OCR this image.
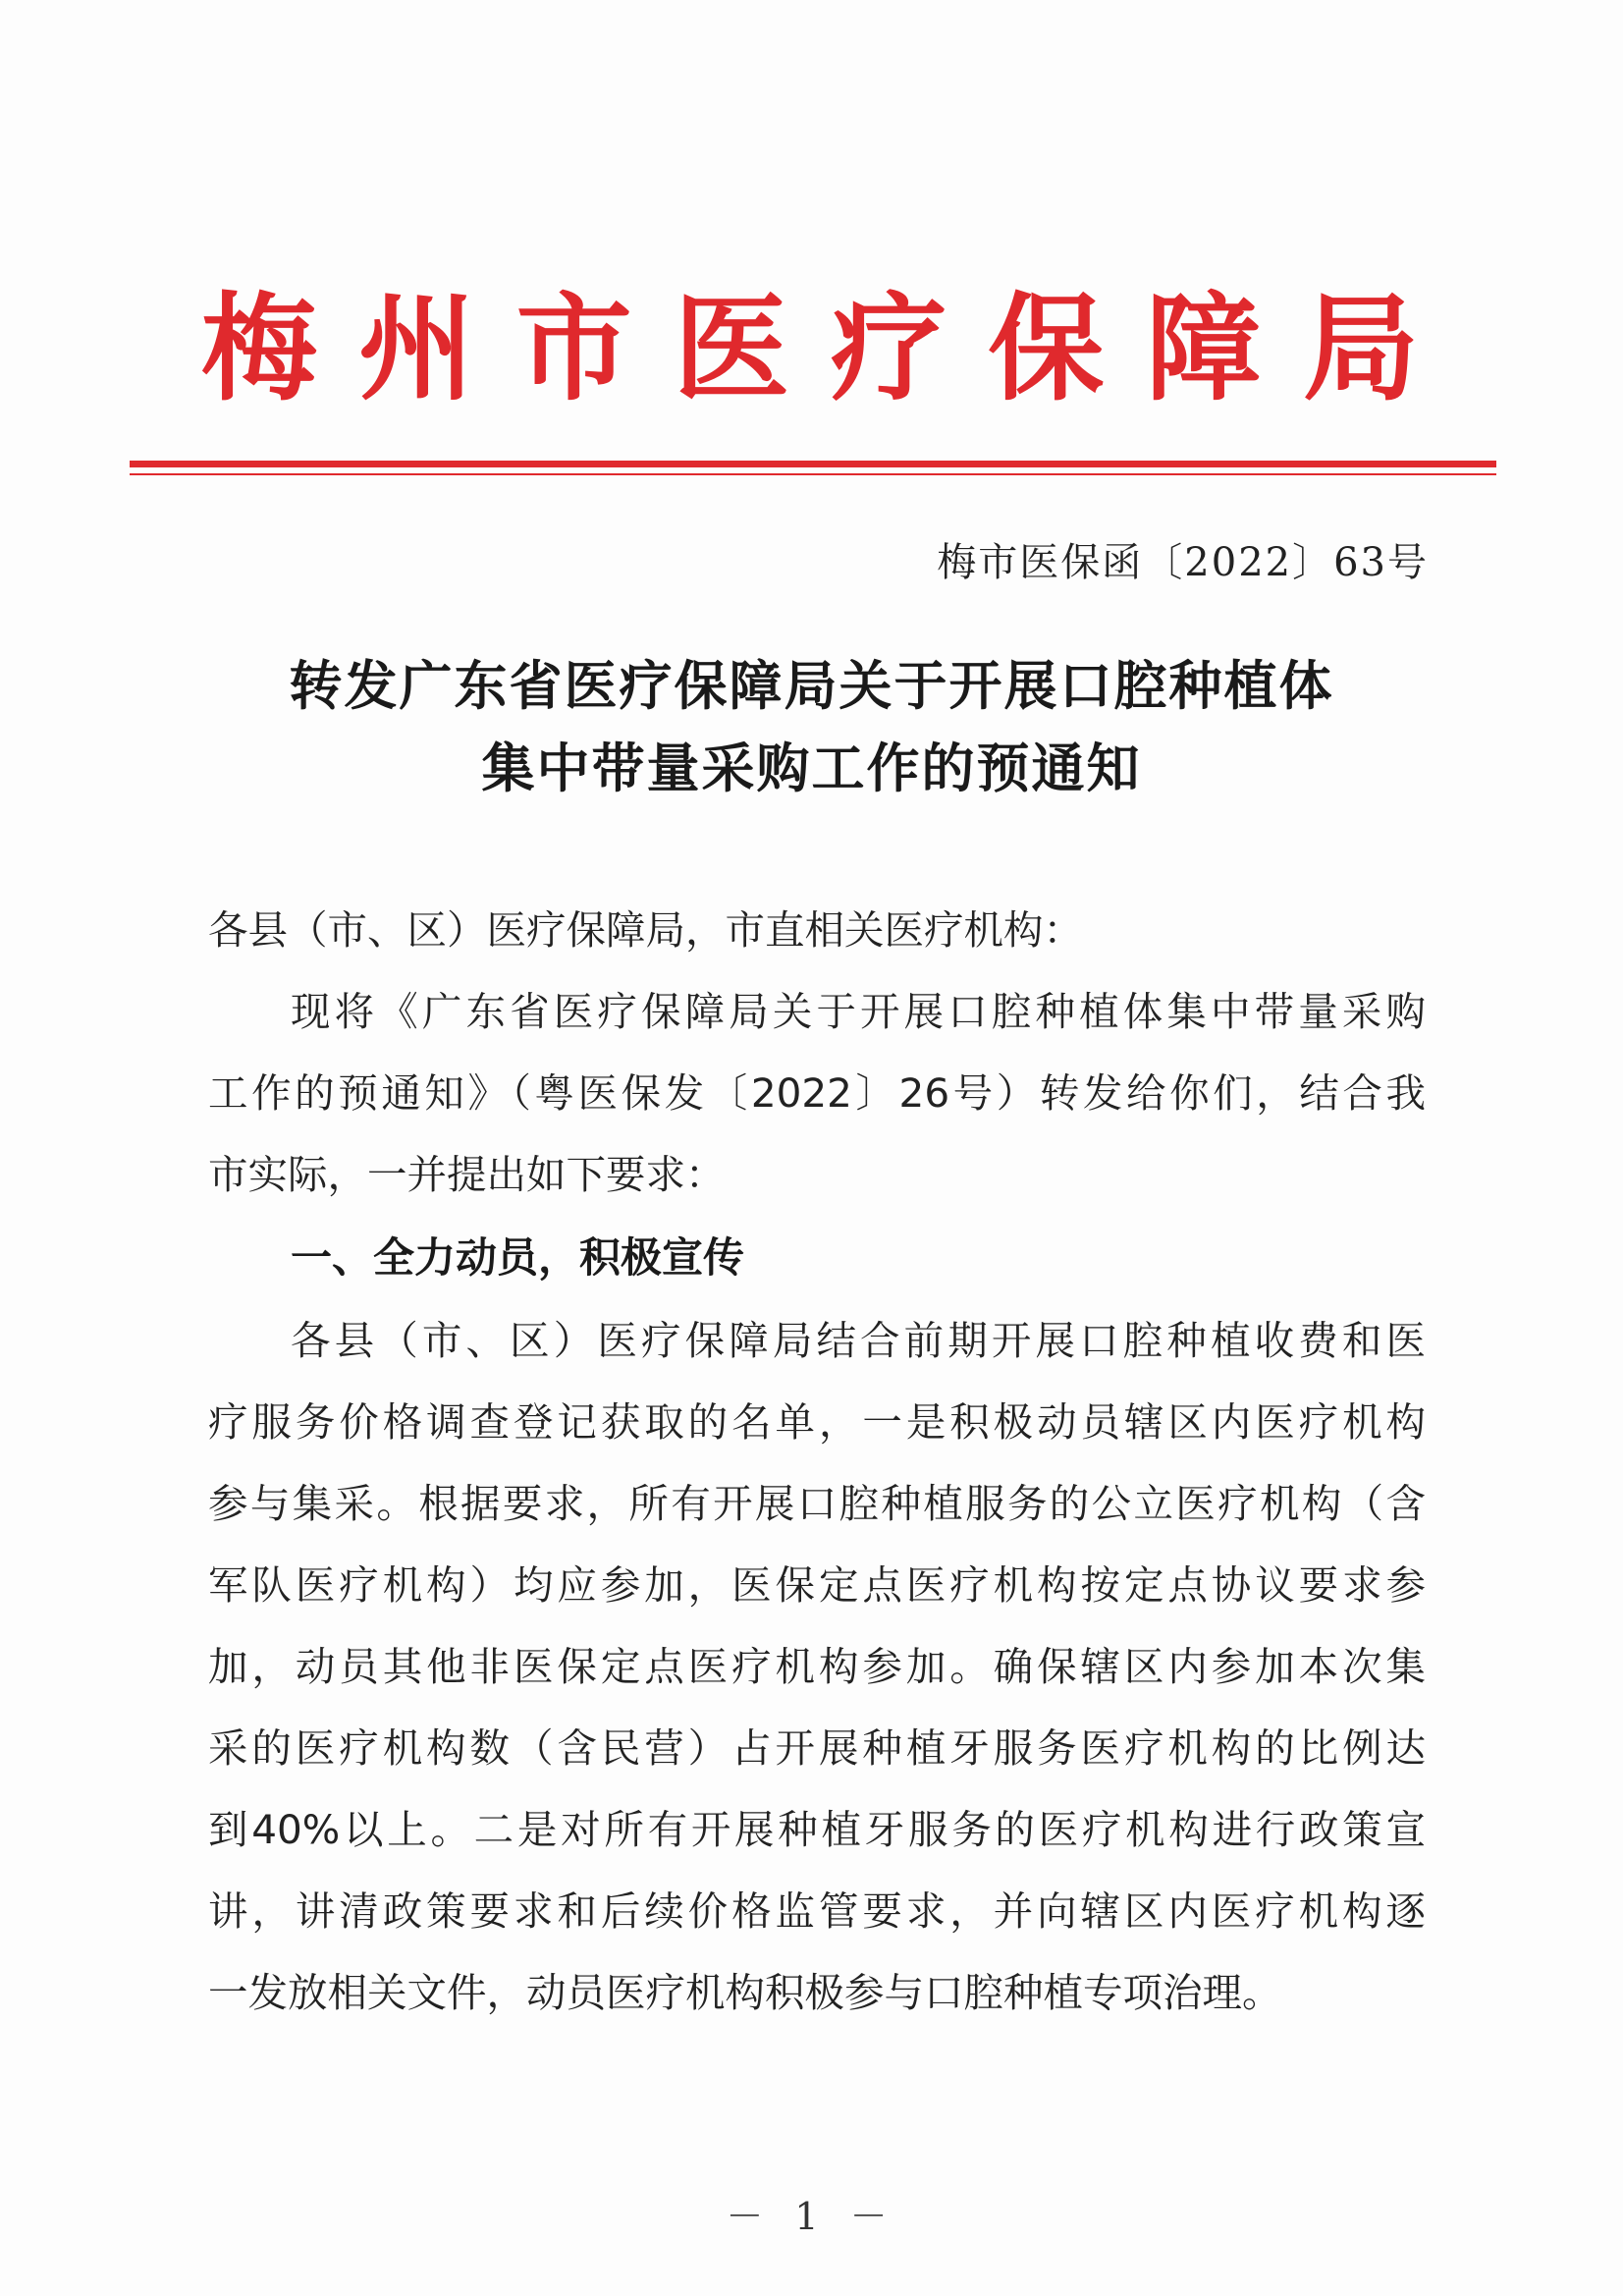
梅 州 市 医 疗 保 障 局
梅市医保函〔2022〕63号
转发广东省医疗保障局关于开展口腔种植体
集中带量采购工作的预通知
各县（市、区）医疗保障局，市直相关医疗机构：
现将《广东省医疗保障局关于开展口腔种植体集中带量采购
工作的预通知》（粤医保发〔2022〕26号）转发给你们，结合我
市实际，一并提出如下要求：
一、全力动员，积极宣传
各县（市、区）医疗保障局结合前期开展口腔种植收费和医
疗服务价格调查登记获取的名单，一是积极动员辖区内医疗机构
参与集采。根据要求，所有开展口腔种植服务的公立医疗机构（含
军队医疗机构）均应参加，医保定点医疗机构按定点协议要求参
加，动员其他非医保定点医疗机构参加。确保辖区内参加本次集
采的医疗机构数（含民营）占开展种植牙服务医疗机构的比例达
到40%以上。二是对所有开展种植牙服务的医疗机构进行政策宣
讲，讲清政策要求和后续价格监管要求，并向辖区内医疗机构逐
一发放相关文件，动员医疗机构积极参与口腔种植专项治理。
－ 1 －
